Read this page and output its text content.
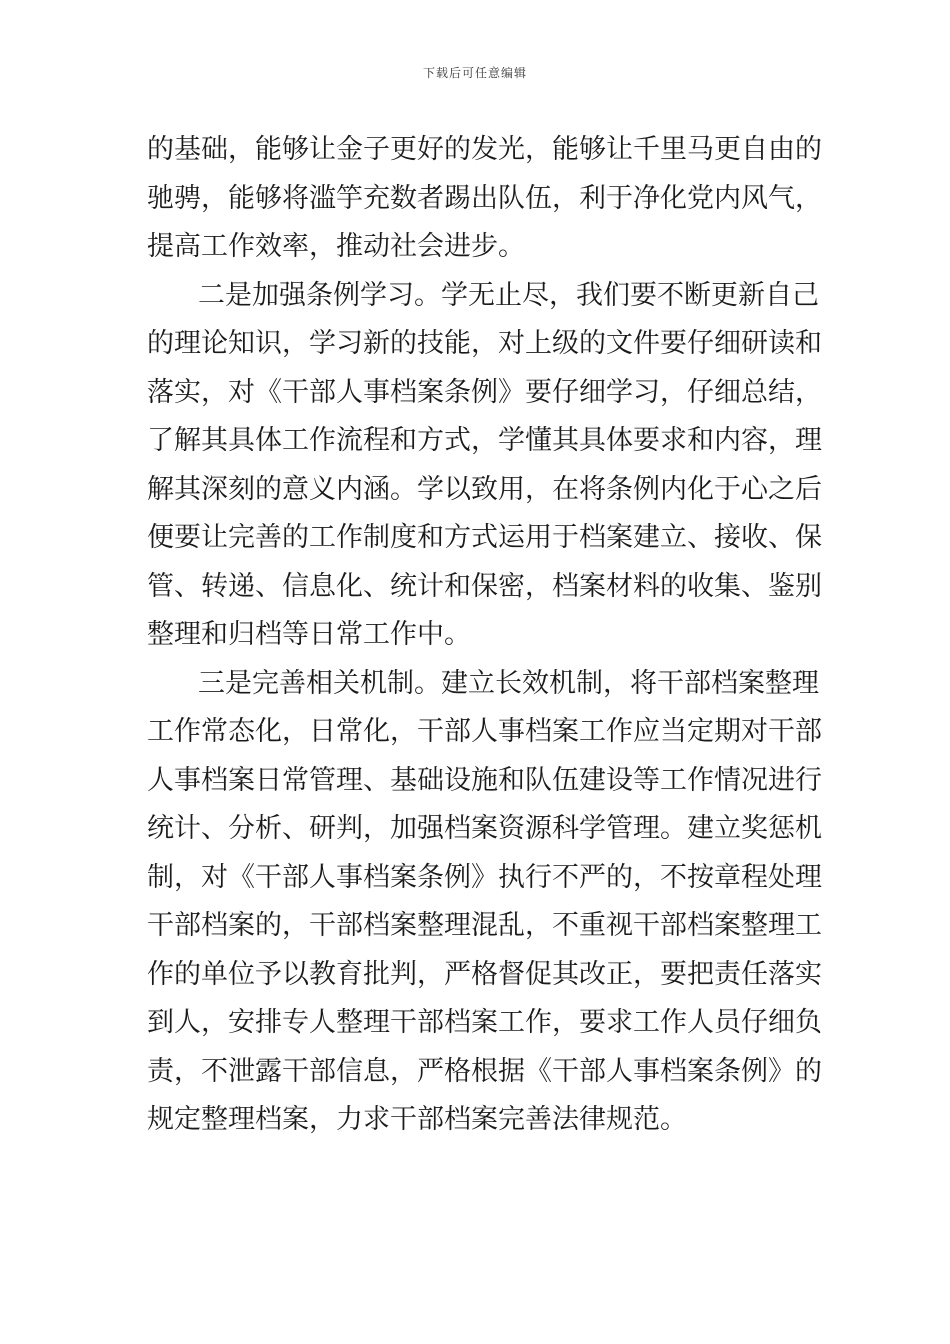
下载后可任意编辑
的基础，能够让金子更好的发光，能够让千里马更自由的
驰骋，能够将滥竽充数者踢出队伍，利于净化党内风气，
提高工作效率，推动社会进步。
二是加强条例学习。学无止尽，我们要不断更新自己
的理论知识，学习新的技能，对上级的文件要仔细研读和
落实，对《干部人事档案条例》要仔细学习，仔细总结，
了解其具体工作流程和方式，学懂其具体要求和内容，理
解其深刻的意义内涵。学以致用，在将条例内化于心之后
便要让完善的工作制度和方式运用于档案建立、接收、保
管、转递、信息化、统计和保密，档案材料的收集、鉴别
整理和归档等日常工作中。
三是完善相关机制。建立长效机制，将干部档案整理
工作常态化，日常化，干部人事档案工作应当定期对干部
人事档案日常管理、基础设施和队伍建设等工作情况进行
统计、分析、研判，加强档案资源科学管理。建立奖惩机
制，对《干部人事档案条例》执行不严的，不按章程处理
干部档案的，干部档案整理混乱，不重视干部档案整理工
作的单位予以教育批判，严格督促其改正，要把责任落实
到人，安排专人整理干部档案工作，要求工作人员仔细负
责，不泄露干部信息，严格根据《干部人事档案条例》的
规定整理档案，力求干部档案完善法律规范。
